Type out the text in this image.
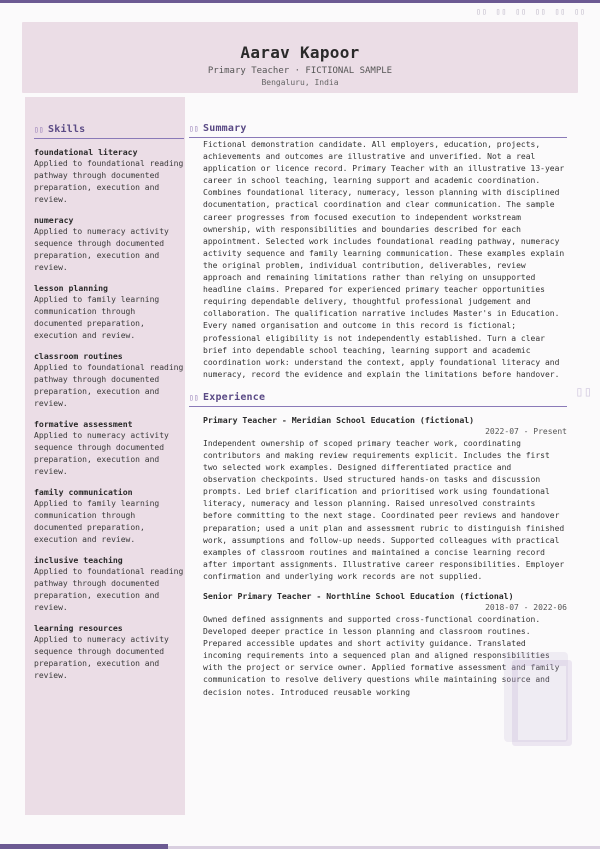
▯▯ ▯▯ ▯▯ ▯▯ ▯▯ ▯▯
Aarav Kapoor
Primary Teacher · FICTIONAL SAMPLE
Bengaluru, India
▯▯ Skills
foundational literacy
Applied to foundational reading pathway through documented preparation, execution and review.
numeracy
Applied to numeracy activity sequence through documented preparation, execution and review.
lesson planning
Applied to family learning communication through documented preparation, execution and review.
classroom routines
Applied to foundational reading pathway through documented preparation, execution and review.
formative assessment
Applied to numeracy activity sequence through documented preparation, execution and review.
family communication
Applied to family learning communication through documented preparation, execution and review.
inclusive teaching
Applied to foundational reading pathway through documented preparation, execution and review.
learning resources
Applied to numeracy activity sequence through documented preparation, execution and review.
▯▯ Summary

Fictional demonstration candidate. All employers, education, projects, achievements and outcomes are illustrative and unverified. Not a real application or licence record. Primary Teacher with an illustrative 13-year career in school teaching, learning support and academic coordination. Combines foundational literacy, numeracy, lesson planning with disciplined documentation, practical coordination and clear communication. The sample career progresses from focused execution to independent workstream ownership, with responsibilities and boundaries described for each appointment. Selected work includes foundational reading pathway, numeracy activity sequence and family learning communication. These examples explain the original problem, individual contribution, deliverables, review approach and remaining limitations rather than relying on unsupported headline claims. Prepared for experienced primary teacher opportunities requiring dependable delivery, thoughtful professional judgement and collaboration. The qualification narrative includes Master's in Education. Every named organisation and outcome in this record is fictional; professional eligibility is not independently established. Turn a clear brief into dependable school teaching, learning support and academic coordination work: understand the context, apply foundational literacy and numeracy, record the evidence and explain the limitations before handover.

▯▯ Experience
Primary Teacher - Meridian School Education (fictional)
2022-07 - Present
Independent ownership of scoped primary teacher work, coordinating contributors and making review requirements explicit. Includes the first two selected work examples. Designed differentiated practice and observation checkpoints. Used structured hands-on tasks and discussion prompts. Led brief clarification and prioritised work using foundational literacy, numeracy and lesson planning. Raised unresolved constraints before committing to the next stage. Coordinated peer reviews and handover preparation; used a unit plan and assessment rubric to distinguish finished work, assumptions and follow-up needs. Supported colleagues with practical examples of classroom routines and maintained a concise learning record after important assignments. Illustrative career responsibilities. Employer confirmation and underlying work records are not supplied.
Senior Primary Teacher - Northline School Education (fictional)
2018-07 - 2022-06
Owned defined assignments and supported cross-functional coordination. Developed deeper practice in lesson planning and classroom routines. Prepared accessible updates and short activity guidance. Translated incoming requirements into a sequenced plan and aligned responsibilities with the project or service owner. Applied formative assessment and family communication to resolve delivery questions while maintaining source and decision notes. Introduced reusable working
▯▯
